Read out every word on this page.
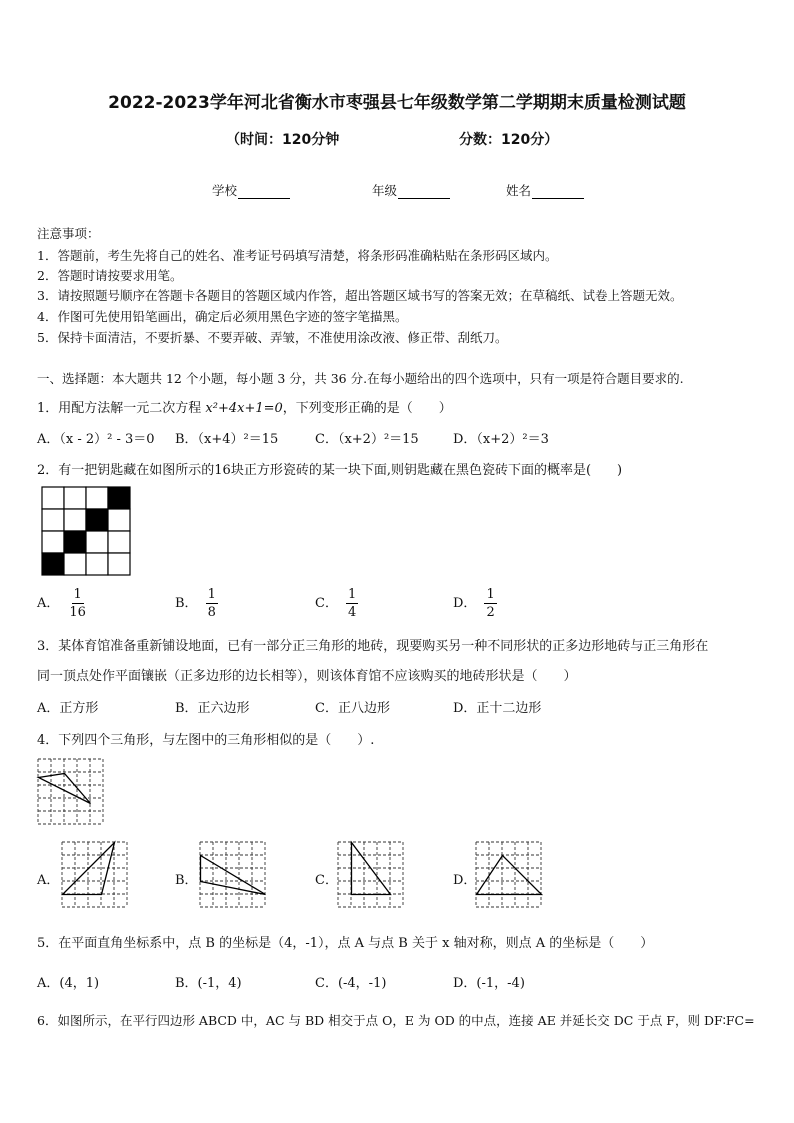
2022-2023学年河北省衡水市枣强县七年级数学第二学期期末质量检测试题
（时间：120分钟	分数：120分）
学校	年级	姓名
注意事项：
1．答题前，考生先将自己的姓名、准考证号码填写清楚，将条形码准确粘贴在条形码区域内。
2．答题时请按要求用笔。
3．请按照题号顺序在答题卡各题目的答题区域内作答，超出答题区域书写的答案无效；在草稿纸、试卷上答题无效。
4．作图可先使用铅笔画出，确定后必须用黑色字迹的签字笔描黑。
5．保持卡面清洁，不要折暴、不要弄破、弄皱，不准使用涂改液、修正带、刮纸刀。
一、选择题：本大题共 12 个小题，每小题 3 分，共 36 分.在每小题给出的四个选项中，只有一项是符合题目要求的.
1．用配方法解一元二次方程 x²+4x+1=0，下列变形正确的是（　　）
A．（x - 2）² - 3＝0 B．（x+4）²＝15	C．（x+2）²＝15	D．（x+2）²＝3
2．有一把钥匙藏在如图所示的16块正方形瓷砖的某一块下面,则钥匙藏在黑色瓷砖下面的概率是(　　)
A． $\frac{1}{16}$	B． $\frac{1}{8}$	C． $\frac{1}{4}$	D． $\frac{1}{2}$
3．某体育馆准备重新铺设地面，已有一部分正三角形的地砖，现要购买另一种不同形状的正多边形地砖与正三角形在
同一顶点处作平面镶嵌（正多边形的边长相等），则该体育馆不应该购买的地砖形状是（　　）
A．正方形	B．正六边形	C．正八边形	D．正十二边形
4．下列四个三角形，与左图中的三角形相似的是（　　）.
A．	B．	C．	D．
5．在平面直角坐标系中，点 B 的坐标是（4，-1），点 A 与点 B 关于 x 轴对称，则点 A 的坐标是（　　）
A．(4，1)	B．(-1，4)	C．(-4，-1)	D．(-1，-4)
6．如图所示，在平行四边形 ABCD 中，AC 与 BD 相交于点 O，E 为 OD 的中点，连接 AE 并延长交 DC 于点 F，则 DF∶FC=
